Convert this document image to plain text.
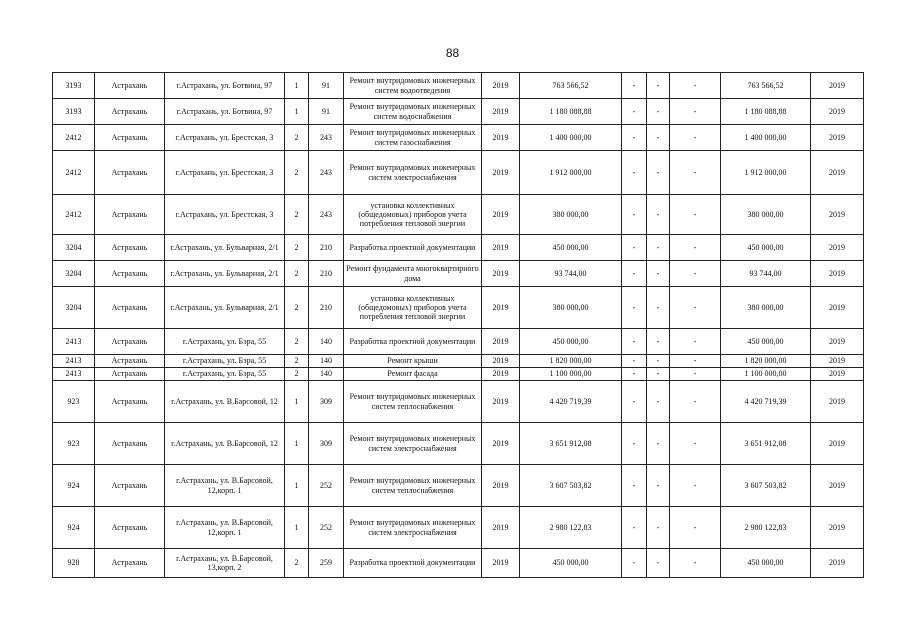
88
3193	Астрахань	г.Астрахань, ул. Ботвина, 97	1	91	Ремонт внутридомовых инженерных систем водоотведения	2019	763 566,52	-	-	-	763 566,52	2019
3193	Астрахань	г.Астрахань, ул. Ботвина, 97	1	91	Ремонт внутридомовых инженерных систем водоснабжения	2019	1 180 088,88	-	-	-	1 180 088,88	2019
2412	Астрахань	г.Астрахань, ул. Брестская, 3	2	243	Ремонт внутридомовых инженерных систем газоснабжения	2019	1 400 000,00	-	-	-	1 400 000,00	2019
2412	Астрахань	г.Астрахань, ул. Брестская, 3	2	243	Ремонт внутридомовых инженерных систем электроснабжения	2019	1 912 000,00	-	-	-	1 912 000,00	2019
2412	Астрахань	г.Астрахань, ул. Брестская, 3	2	243	установка коллективных (общедомовых) приборов учета потребления тепловой энергии	2019	380 000,00	-	-	-	380 000,00	2019
3204	Астрахань	г.Астрахань, ул. Бульварная, 2/1	2	210	Разработка проектной документации	2019	450 000,00	-	-	-	450 000,00	2019
3204	Астрахань	г.Астрахань, ул. Бульварная, 2/1	2	210	Ремонт фундамента многоквартирного дома	2019	93 744,00	-	-	-	93 744,00	2019
3204	Астрахань	г.Астрахань, ул. Бульварная, 2/1	2	210	установка коллективных (общедомовых) приборов учета потребления тепловой энергии	2019	380 000,00	-	-	-	380 000,00	2019
2413	Астрахань	г.Астрахань, ул. Бэра, 55	2	140	Разработка проектной документации	2019	450 000,00	-	-	-	450 000,00	2019
2413	Астрахань	г.Астрахань, ул. Бэра, 55	2	140	Ремонт крыши	2019	1 820 000,00	-	-	-	1 820 000,00	2019
2413	Астрахань	г.Астрахань, ул. Бэра, 55	2	140	Ремонт фасада	2019	1 100 000,00	-	-	-	1 100 000,00	2019
923	Астрахань	г.Астрахань, ул. В.Барсовой, 12	1	309	Ремонт внутридомовых инженерных систем теплоснабжения	2019	4 420 719,39	-	-	-	4 420 719,39	2019
923	Астрахань	г.Астрахань, ул. В.Барсовой, 12	1	309	Ремонт внутридомовых инженерных систем электроснабжения	2019	3 651 912,08	-	-	-	3 651 912,08	2019
924	Астрахань	г.Астрахань, ул. В.Барсовой, 12,корп. 1	1	252	Ремонт внутридомовых инженерных систем теплоснабжения	2019	3 607 503,82	-	-	-	3 607 503,82	2019
924	Астрахань	г.Астрахань, ул. В.Барсовой, 12,корп. 1	1	252	Ремонт внутридомовых инженерных систем электроснабжения	2019	2 980 122,83	-	-	-	2 980 122,83	2019
928	Астрахань	г.Астрахань, ул. В.Барсовой, 13,корп. 2	2	259	Разработка проектной документации	2019	450 000,00	-	-	-	450 000,00	2019
